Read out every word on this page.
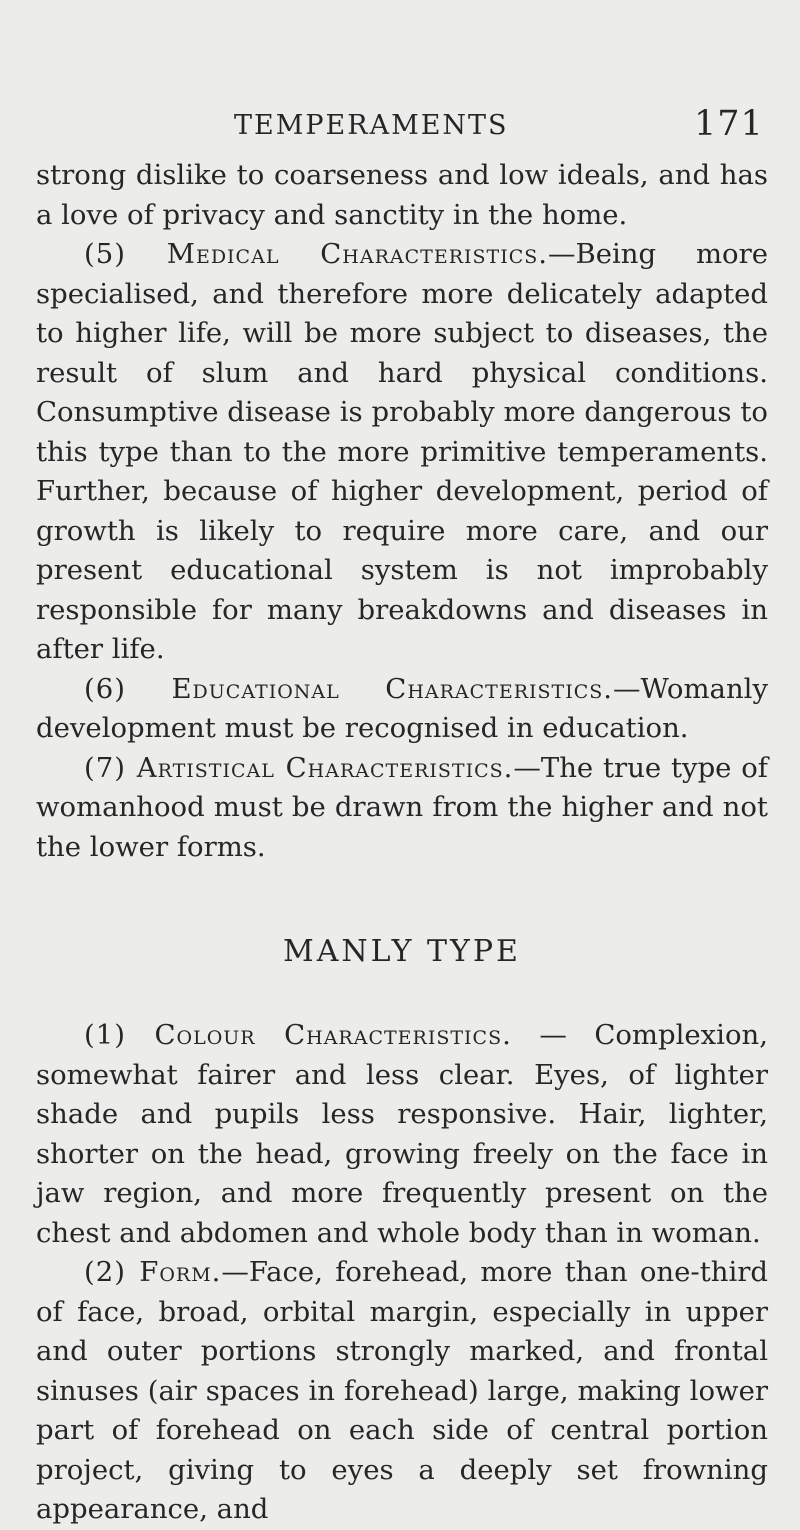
TEMPERAMENTS	171

strong dislike to coarseness and low ideals, and has a love of privacy and sanctity in the home.

(5) Medical Characteristics.—Being more specialised, and therefore more delicately adapted to higher life, will be more subject to diseases, the result of slum and hard physical conditions. Consumptive disease is probably more dangerous to this type than to the more primitive temperaments. Further, because of higher development, period of growth is likely to require more care, and our present educational system is not improbably responsible for many breakdowns and diseases in after life.

(6) Educational Characteristics.—Womanly development must be recognised in education.

(7) Artistical Characteristics.—The true type of womanhood must be drawn from the higher and not the lower forms.

MANLY TYPE

(1) Colour Characteristics. — Complexion, somewhat fairer and less clear. Eyes, of lighter shade and pupils less responsive. Hair, lighter, shorter on the head, growing freely on the face in jaw region, and more frequently present on the chest and abdomen and whole body than in woman.

(2) Form.—Face, forehead, more than one-third of face, broad, orbital margin, especially in upper and outer portions strongly marked, and frontal sinuses (air spaces in forehead) large, making lower part of forehead on each side of central portion project, giving to eyes a deeply set frowning appearance, and
